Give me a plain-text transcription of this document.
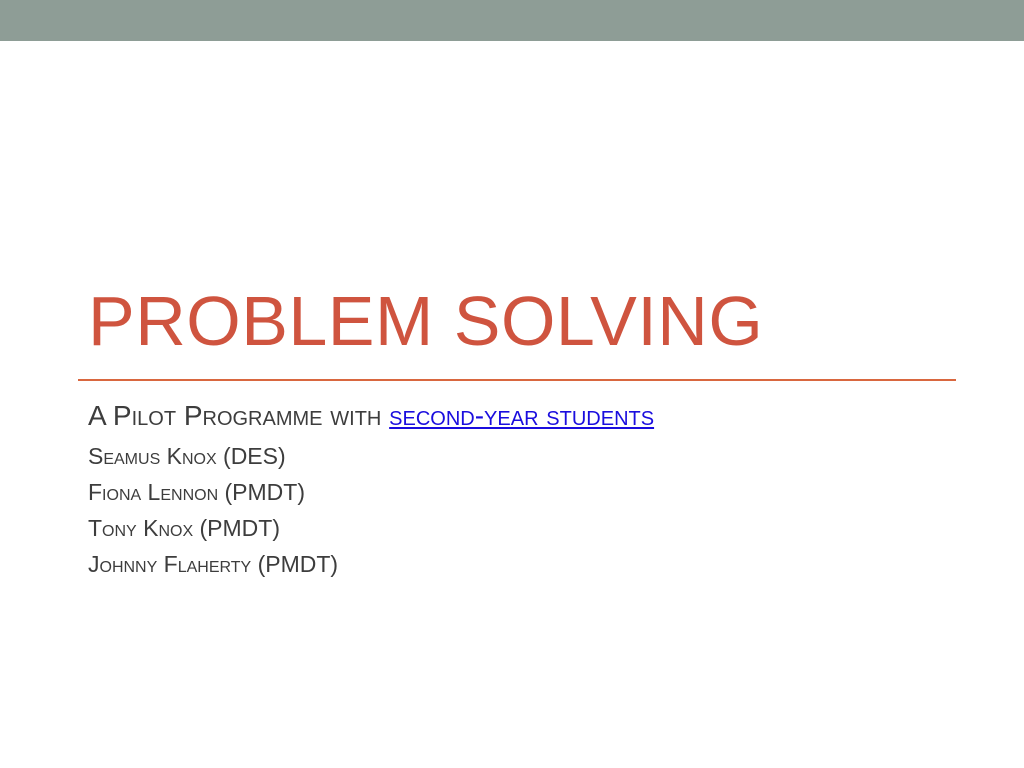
PROBLEM SOLVING

A Pilot Programme with second-year students

Seamus Knox (DES)

Fiona Lennon (PMDT)

Tony Knox (PMDT)

Johnny Flaherty (PMDT)
